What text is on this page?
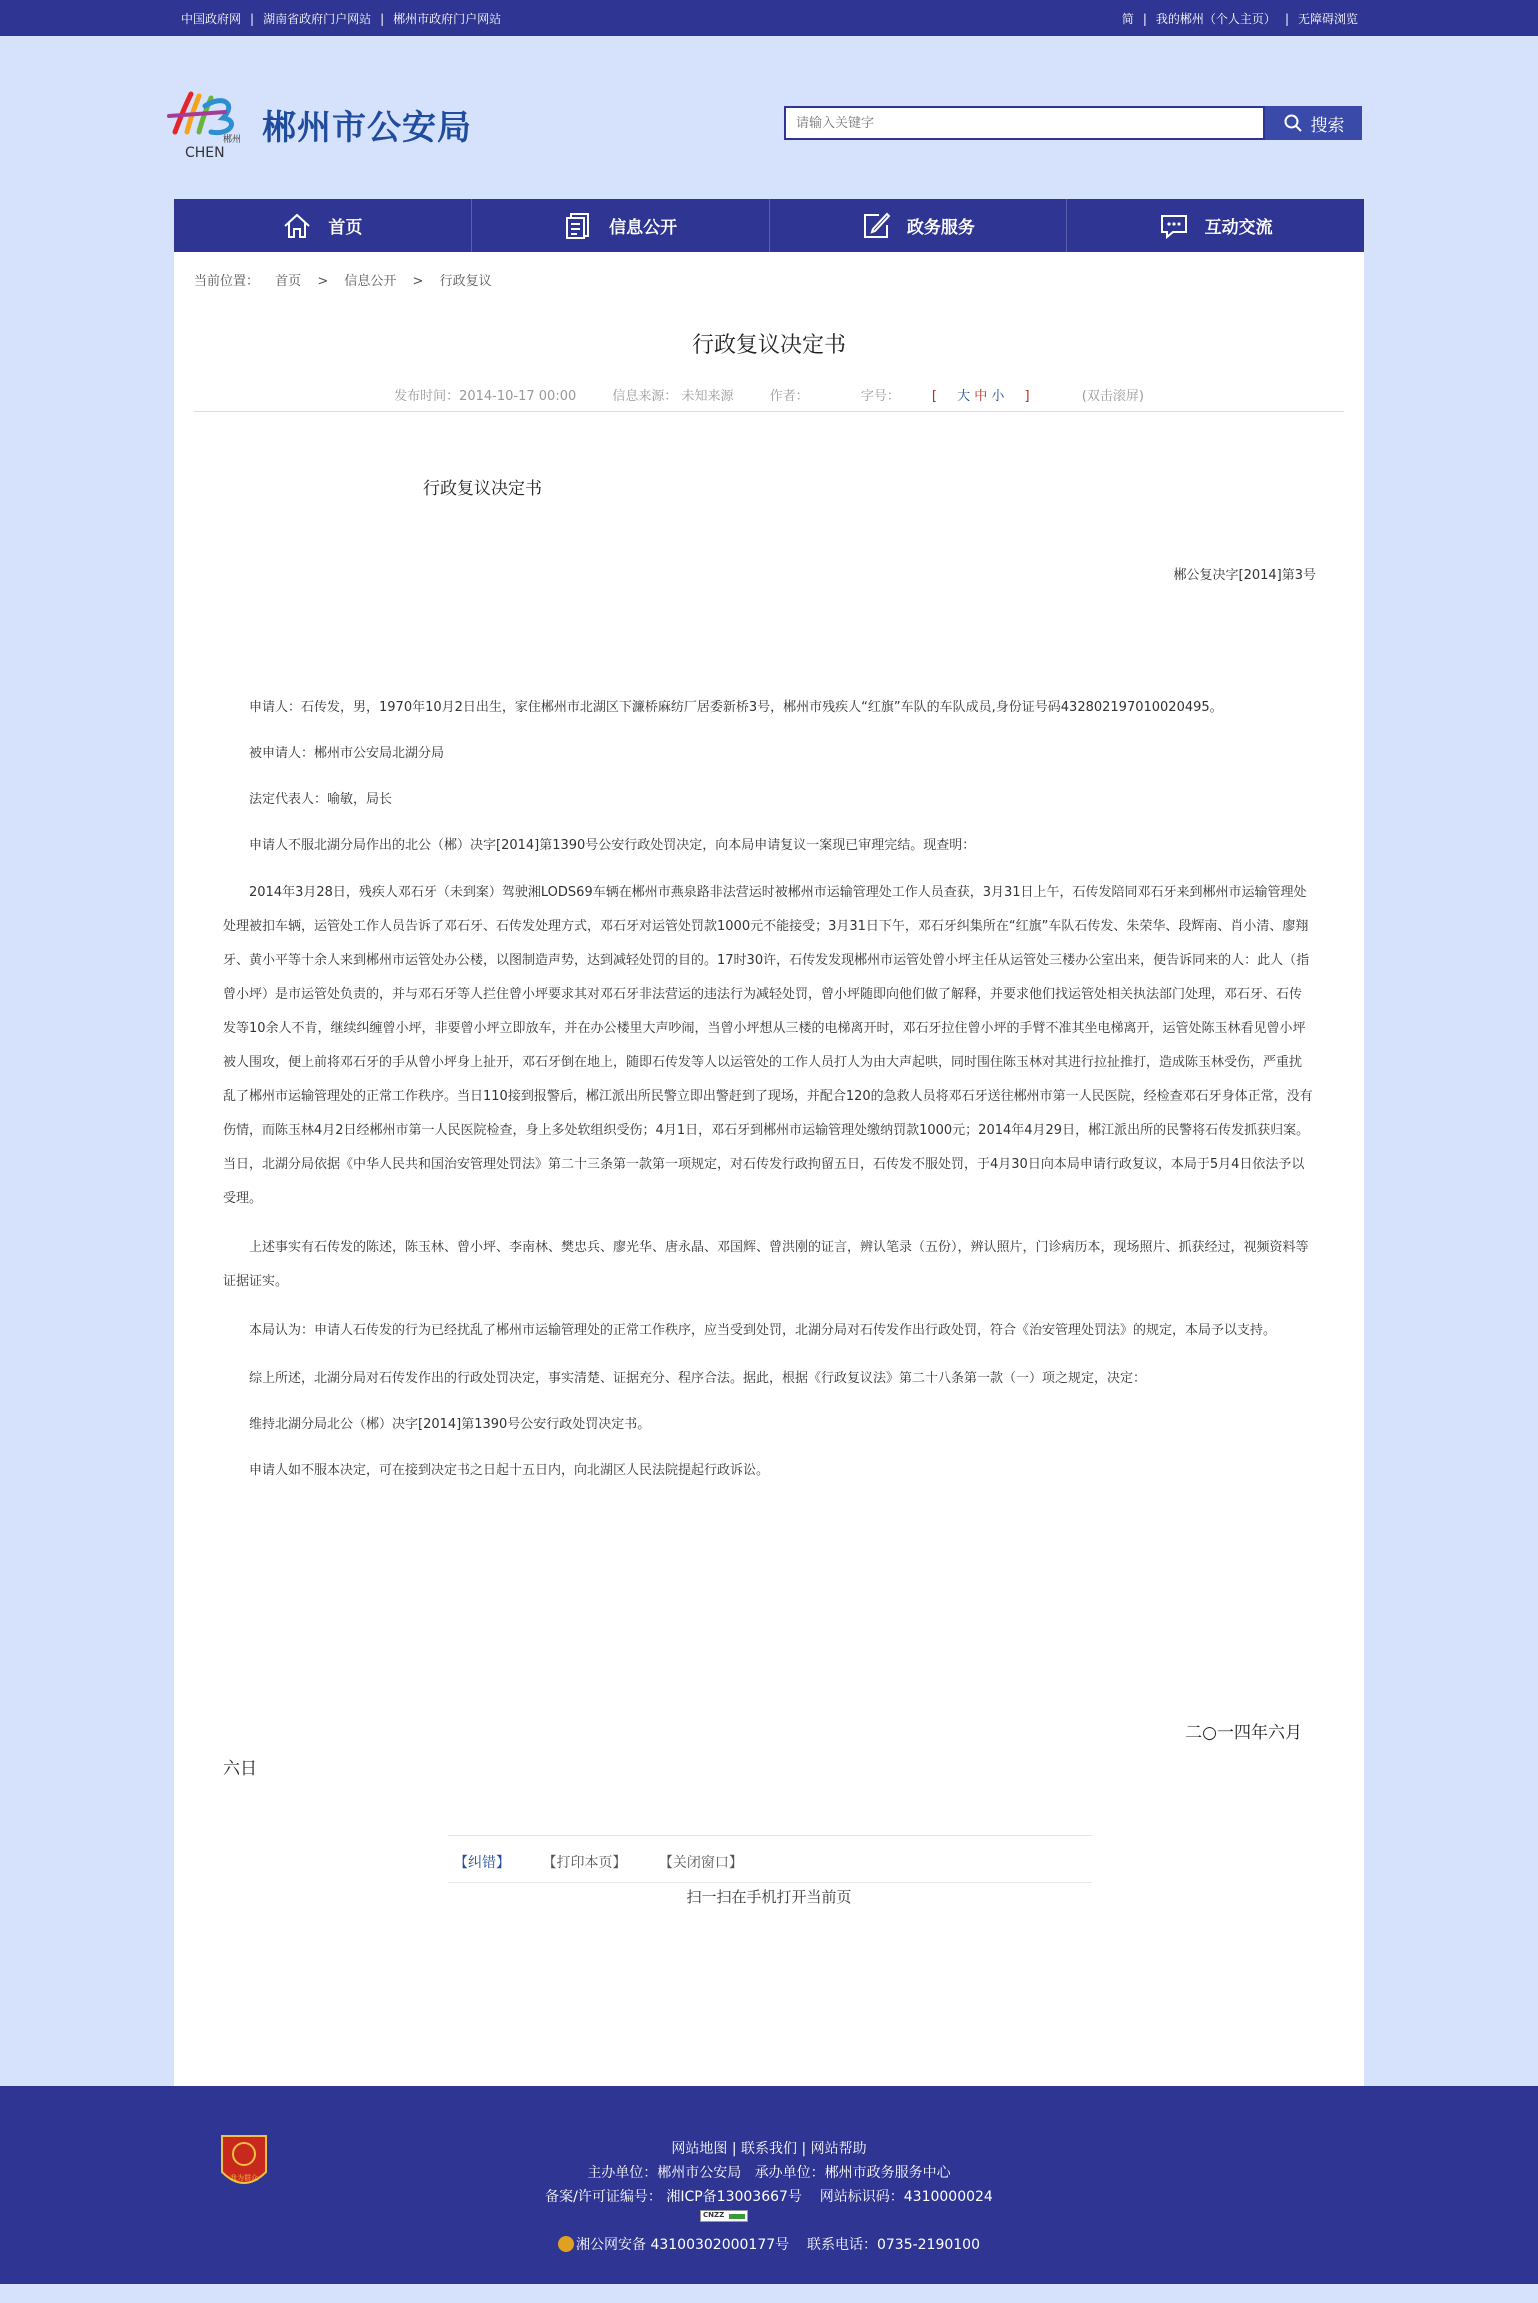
中国政府网 | 湖南省政府门户网站 | 郴州市政府门户网站	简 | 我的郴州（个人主页） | 无障碍浏览
郴州
CHEN
郴州市公安局
请输入关键字	搜索
首页	信息公开	政务服务	互动交流
当前位置： 首页 > 信息公开 > 行政复议
行政复议决定书
发布时间：2014-10-17 00:00	信息来源： 未知来源	作者：	字号： [ 大 中 小 ]	(双击滚屏)
行政复议决定书
郴公复决字[2014]第3号

申请人：石传发，男，1970年10月2日出生，家住郴州市北湖区下濂桥麻纺厂居委新桥3号，郴州市残疾人“红旗”车队的车队成员,身份证号码432802197010020495。

被申请人：郴州市公安局北湖分局

法定代表人：喻敏，局长

申请人不服北湖分局作出的北公（郴）决字[2014]第1390号公安行政处罚决定，向本局申请复议一案现已审理完结。现查明：

2014年3月28日，残疾人邓石牙（未到案）驾驶湘LODS69车辆在郴州市燕泉路非法营运时被郴州市运输管理处工作人员查获，3月31日上午，石传发陪同邓石牙来到郴州市运输管理处处理被扣车辆，运管处工作人员告诉了邓石牙、石传发处理方式，邓石牙对运管处罚款1000元不能接受；3月31日下午，邓石牙纠集所在“红旗”车队石传发、朱荣华、段辉南、肖小清、廖翔牙、黄小平等十余人来到郴州市运管处办公楼，以图制造声势，达到减轻处罚的目的。17时30许，石传发发现郴州市运管处曾小坪主任从运管处三楼办公室出来，便告诉同来的人：此人（指曾小坪）是市运管处负责的，并与邓石牙等人拦住曾小坪要求其对邓石牙非法营运的违法行为减轻处罚，曾小坪随即向他们做了解释，并要求他们找运管处相关执法部门处理，邓石牙、石传发等10余人不肯，继续纠缠曾小坪，非要曾小坪立即放车，并在办公楼里大声吵闹，当曾小坪想从三楼的电梯离开时，邓石牙拉住曾小坪的手臂不准其坐电梯离开，运管处陈玉林看见曾小坪被人围攻，便上前将邓石牙的手从曾小坪身上扯开，邓石牙倒在地上，随即石传发等人以运管处的工作人员打人为由大声起哄，同时围住陈玉林对其进行拉扯推打，造成陈玉林受伤，严重扰乱了郴州市运输管理处的正常工作秩序。当日110接到报警后，郴江派出所民警立即出警赶到了现场，并配合120的急救人员将邓石牙送往郴州市第一人民医院，经检查邓石牙身体正常，没有伤情，而陈玉林4月2日经郴州市第一人民医院检查，身上多处软组织受伤；4月1日，邓石牙到郴州市运输管理处缴纳罚款1000元；2014年4月29日，郴江派出所的民警将石传发抓获归案。当日，北湖分局依据《中华人民共和国治安管理处罚法》第二十三条第一款第一项规定，对石传发行政拘留五日，石传发不服处罚，于4月30日向本局申请行政复议，本局于5月4日依法予以受理。

上述事实有石传发的陈述，陈玉林、曾小坪、李南林、樊忠兵、廖光华、唐永晶、邓国辉、曾洪刚的证言，辨认笔录（五份），辨认照片，门诊病历本，现场照片、抓获经过，视频资料等证据证实。

本局认为：申请人石传发的行为已经扰乱了郴州市运输管理处的正常工作秩序，应当受到处罚，北湖分局对石传发作出行政处罚，符合《治安管理处罚法》的规定，本局予以支持。

综上所述，北湖分局对石传发作出的行政处罚决定，事实清楚、证据充分、程序合法。据此，根据《行政复议法》第二十八条第一款（一）项之规定，决定：

维持北湖分局北公（郴）决字[2014]第1390号公安行政处罚决定书。

申请人如不服本决定，可在接到决定书之日起十五日内，向北湖区人民法院提起行政诉讼。

二○一四年六月
六日
【纠错】 【打印本页】 【关闭窗口】
扫一扫在手机打开当前页
我为群众
网站地图 | 联系我们 | 网站帮助
主办单位：郴州市公安局 承办单位：郴州市政务服务中心
备案/许可证编号： 湘ICP备13003667号 网站标识码：4310000024
CNZZ
湘公网安备 43100302000177号 联系电话：0735-2190100
